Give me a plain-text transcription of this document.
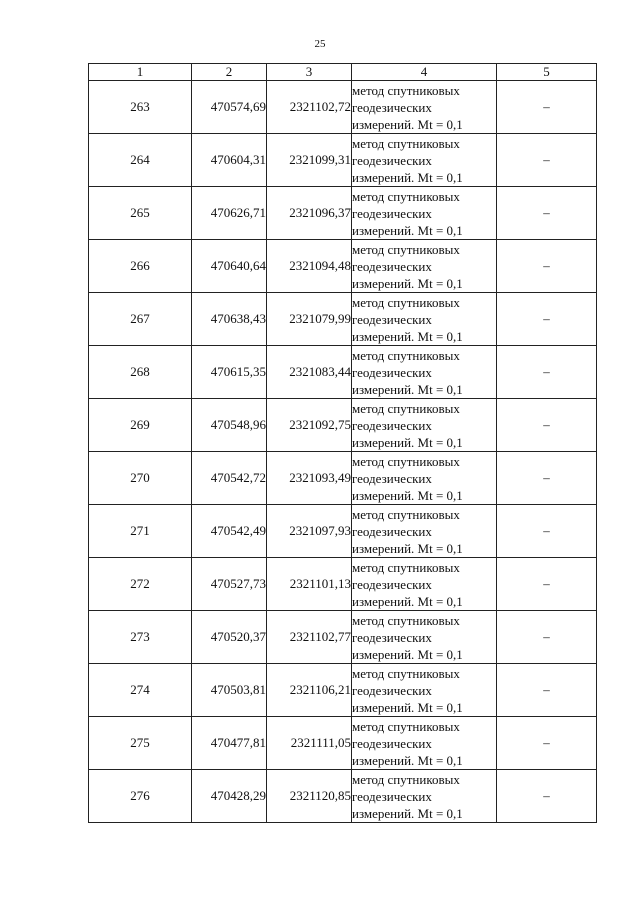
25
1	2	3	4	5
263	470574,69	2321102,72	метод спутниковых
геодезических
измерений. Mt = 0,1	–
264	470604,31	2321099,31	метод спутниковых
геодезических
измерений. Mt = 0,1	–
265	470626,71	2321096,37	метод спутниковых
геодезических
измерений. Mt = 0,1	–
266	470640,64	2321094,48	метод спутниковых
геодезических
измерений. Mt = 0,1	–
267	470638,43	2321079,99	метод спутниковых
геодезических
измерений. Mt = 0,1	–
268	470615,35	2321083,44	метод спутниковых
геодезических
измерений. Mt = 0,1	–
269	470548,96	2321092,75	метод спутниковых
геодезических
измерений. Mt = 0,1	–
270	470542,72	2321093,49	метод спутниковых
геодезических
измерений. Mt = 0,1	–
271	470542,49	2321097,93	метод спутниковых
геодезических
измерений. Mt = 0,1	–
272	470527,73	2321101,13	метод спутниковых
геодезических
измерений. Mt = 0,1	–
273	470520,37	2321102,77	метод спутниковых
геодезических
измерений. Mt = 0,1	–
274	470503,81	2321106,21	метод спутниковых
геодезических
измерений. Mt = 0,1	–
275	470477,81	2321111,05	метод спутниковых
геодезических
измерений. Mt = 0,1	–
276	470428,29	2321120,85	метод спутниковых
геодезических
измерений. Mt = 0,1	–
